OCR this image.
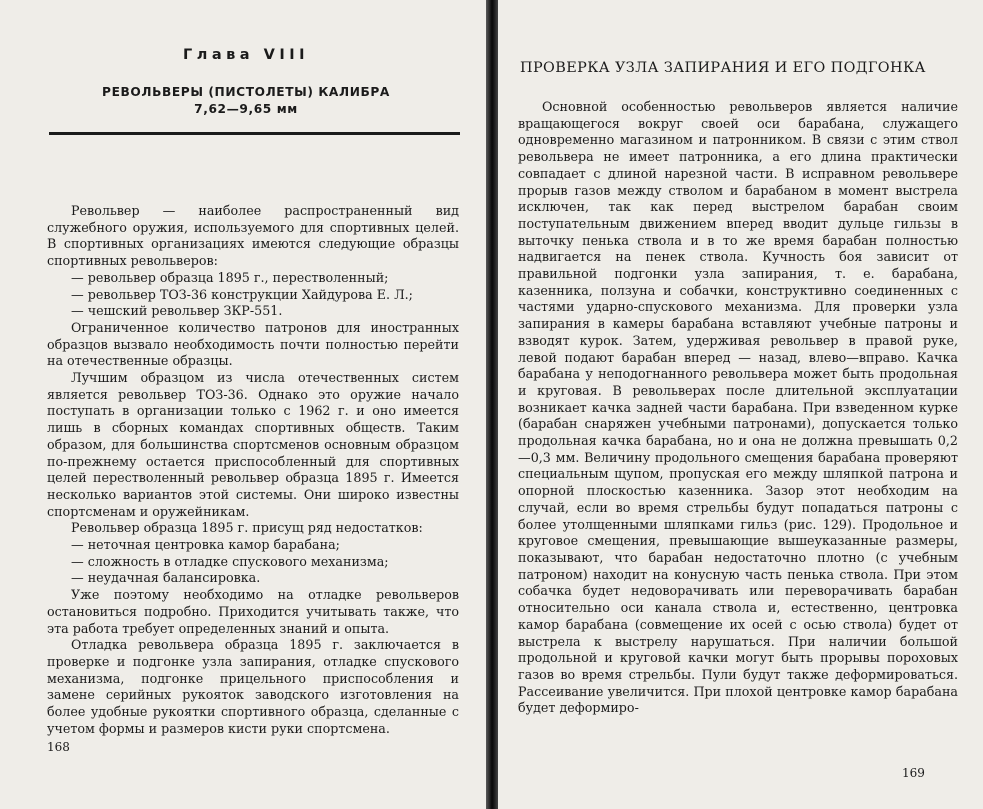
Глава VIII
РЕВОЛЬВЕРЫ (ПИСТОЛЕТЫ) КАЛИБРА
7,62—9,65 мм

Револьвер — наиболее распространенный вид служебного оружия, используемого для спортивных целей. В спортивных организациях имеются следующие образцы спортивных револьверов:

— револьвер образца 1895 г., перестволенный;

— револьвер ТОЗ-36 конструкции Хайдурова Е. Л.;

— чешский револьвер ЗКР-551.

Ограниченное количество патронов для иностранных образцов вызвало необходимость почти полностью перейти на отечественные образцы.

Лучшим образцом из числа отечественных систем является револьвер ТОЗ-36. Однако это оружие начало поступать в организации только с 1962 г. и оно имеется лишь в сборных командах спортивных обществ. Таким образом, для большинства спортсменов основным образцом по-прежнему остается приспособленный для спортивных целей перестволенный револьвер образца 1895 г. Имеется несколько вариантов этой системы. Они широко известны спортсменам и оружейникам.

Револьвер образца 1895 г. присущ ряд недостатков:

— неточная центровка камор барабана;

— сложность в отладке спускового механизма;

— неудачная балансировка.

Уже поэтому необходимо на отладке револьверов остановиться подробно. Приходится учитывать также, что эта работа требует определенных знаний и опыта.

Отладка револьвера образца 1895 г. заключается в проверке и подгонке узла запирания, отладке спускового механизма, подгонке прицельного приспособления и замене серийных рукояток заводского изготовления на более удобные рукоятки спортивного образца, сделанные с учетом формы и размеров кисти руки спортсмена.

168
ПРОВЕРКА УЗЛА ЗАПИРАНИЯ И ЕГО ПОДГОНКА

Основной особенностью револьверов является наличие вращающегося вокруг своей оси барабана, служащего одновременно магазином и патронником. В связи с этим ствол револьвера не имеет патронника, а его длина практически совпадает с длиной нарезной части. В исправном револьвере прорыв газов между стволом и барабаном в момент выстрела исключен, так как перед выстрелом барабан своим поступательным движением вперед вводит дульце гильзы в выточку пенька ствола и в то же время барабан полностью надвигается на пенек ствола. Кучность боя зависит от правильной подгонки узла запирания, т. е. барабана, казенника, ползуна и собачки, конструктивно соединенных с частями ударно-спускового механизма. Для проверки узла запирания в камеры барабана вставляют учебные патроны и взводят курок. Затем, удерживая револьвер в правой руке, левой подают барабан вперед — назад, влево—вправо. Качка барабана у неподогнанного револьвера может быть продольная и круговая. В револьверах после длительной эксплуатации возникает качка задней части барабана. При взведенном курке (барабан снаряжен учебными патронами), допускается только продольная качка барабана, но и она не должна превышать 0,2—0,3 мм. Величину продольного смещения барабана проверяют специальным щупом, пропуская его между шляпкой патрона и опорной плоскостью казенника. Зазор этот необходим на случай, если во время стрельбы будут попадаться патроны с более утолщенными шляпками гильз (рис. 129). Продольное и круговое смещения, превышающие вышеуказанные размеры, показывают, что барабан недостаточно плотно (с учебным патроном) находит на конусную часть пенька ствола. При этом собачка будет недоворачивать или переворачивать барабан относительно оси канала ствола и, естественно, центровка камор барабана (совмещение их осей с осью ствола) будет от выстрела к выстрелу нарушаться. При наличии большой продольной и круговой качки могут быть прорывы пороховых газов во время стрельбы. Пули будут также деформироваться. Рассеивание увеличится. При плохой центровке камор барабана будет деформиро-

169
